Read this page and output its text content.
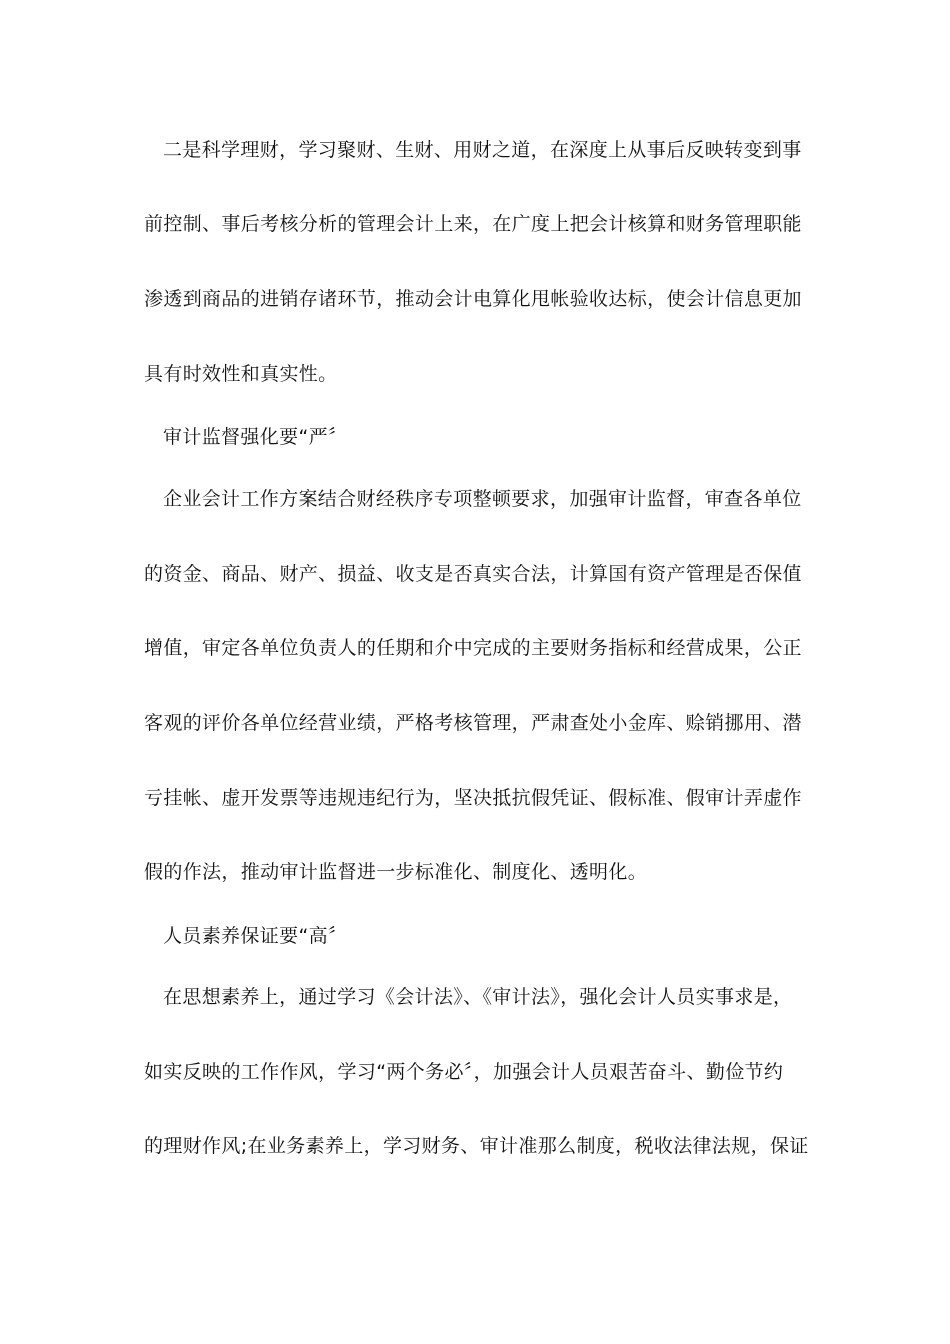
二是科学理财，学习聚财、生财、用财之道，在深度上从事后反映转变到事
前控制、事后考核分析的管理会计上来，在广度上把会计核算和财务管理职能
渗透到商品的进销存诸环节，推动会计电算化甩帐验收达标，使会计信息更加
具有时效性和真实性。
审计监督强化要“严〞
企业会计工作方案结合财经秩序专项整顿要求，加强审计监督，审查各单位
的资金、商品、财产、损益、收支是否真实合法，计算国有资产管理是否保值
增值，审定各单位负责人的任期和介中完成的主要财务指标和经营成果，公正
客观的评价各单位经营业绩，严格考核管理，严肃查处小金库、赊销挪用、潜
亏挂帐、虚开发票等违规违纪行为，坚决抵抗假凭证、假标准、假审计弄虚作
假的作法，推动审计监督进一步标准化、制度化、透明化。
人员素养保证要“高〞
在思想素养上，通过学习《会计法》、《审计法》，强化会计人员实事求是，
如实反映的工作作风，学习“两个务必〞，加强会计人员艰苦奋斗、勤俭节约
的理财作风;在业务素养上，学习财务、审计准那么制度，税收法律法规，保证
